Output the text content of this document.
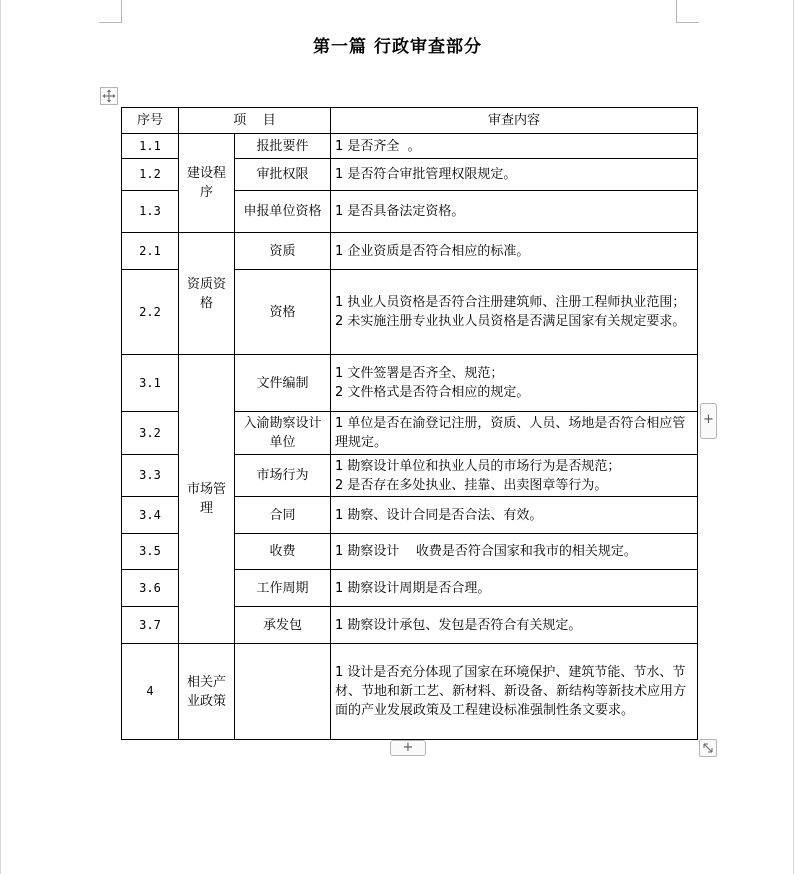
第一篇 行政审查部分
序号	项    目		审查内容
1.1	建设程序	报批要件	1 是否齐全  。

1.2		审批权限	1 是否符合审批管理权限规定。

1.3		申报单位资格	1 是否具备法定资格。

2.1	资质资格	资质	1 企业资质是否符合相应的标准。

2.2		资格	1 执业人员资格是否符合注册建筑师、注册工程师执业范围；
2 未实施注册专业执业人员资格是否满足国家有关规定要求。

3.1	市场管理	文件编制	1 文件签署是否齐全、规范；
2 文件格式是否符合相应的规定。

3.2		入渝勘察设计单位	1 单位是否在渝登记注册，资质、人员、场地是否符合相应管理规定。

3.3		市场行为	1 勘察设计单位和执业人员的市场行为是否规范；
2 是否存在多处执业、挂靠、出卖图章等行为。

3.4		合同	1 勘察、设计合同是否合法、有效。

3.5		收费	1 勘察设计    收费是否符合国家和我市的相关规定。

3.6		工作周期	1 勘察设计周期是否合理。

3.7		承发包	1 勘察设计承包、发包是否符合有关规定。

4	相关产业政策		1 设计是否充分体现了国家在环境保护、建筑节能、节水、节材、节地和新工艺、新材料、新设备、新结构等新技术应用方面的产业发展政策及工程建设标准强制性条文要求。
+
+
